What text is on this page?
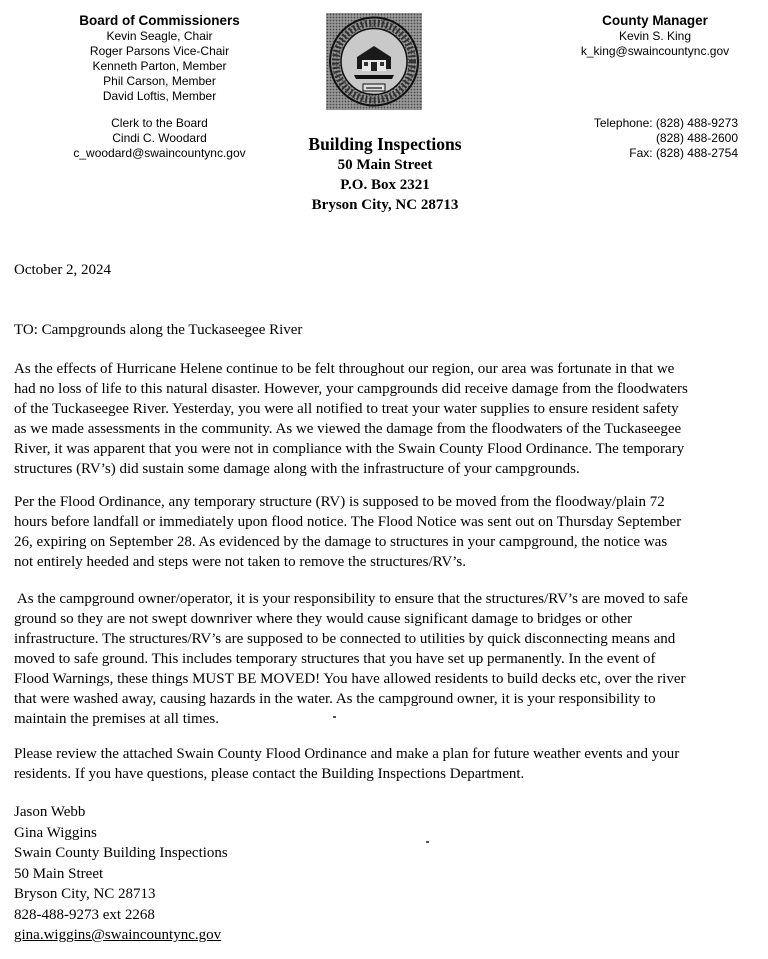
Board of Commissioners
Kevin Seagle, Chair
Roger Parsons Vice-Chair
Kenneth Parton, Member
Phil Carson, Member
David Loftis, Member
Clerk to the Board
Cindi C. Woodard
c_woodard@swaincountync.gov	Building Inspections
50 Main Street
P.O. Box 2321
Bryson City, NC 28713
County Manager
Kevin S. King
k_king@swaincountync.gov
Telephone: (828) 488-9273
(828) 488-2600
Fax: (828) 488-2754
October 2, 2024
TO: Campgrounds along the Tuckaseegee River
As the effects of Hurricane Helene continue to be felt throughout our region, our area was fortunate in that we
had no loss of life to this natural disaster. However, your campgrounds did receive damage from the floodwaters
of the Tuckaseegee River. Yesterday, you were all notified to treat your water supplies to ensure resident safety
as we made assessments in the community. As we viewed the damage from the floodwaters of the Tuckaseegee
River, it was apparent that you were not in compliance with the Swain County Flood Ordinance. The temporary
structures (RV’s) did sustain some damage along with the infrastructure of your campgrounds.
Per the Flood Ordinance, any temporary structure (RV) is supposed to be moved from the floodway/plain 72
hours before landfall or immediately upon flood notice. The Flood Notice was sent out on Thursday September
26, expiring on September 28. As evidenced by the damage to structures in your campground, the notice was
not entirely heeded and steps were not taken to remove the structures/RV’s.
As the campground owner/operator, it is your responsibility to ensure that the structures/RV’s are moved to safe
ground so they are not swept downriver where they would cause significant damage to bridges or other
infrastructure. The structures/RV’s are supposed to be connected to utilities by quick disconnecting means and
moved to safe ground. This includes temporary structures that you have set up permanently. In the event of
Flood Warnings, these things MUST BE MOVED! You have allowed residents to build decks etc, over the river
that were washed away, causing hazards in the water. As the campground owner, it is your responsibility to
maintain the premises at all times.
Please review the attached Swain County Flood Ordinance and make a plan for future weather events and your
residents. If you have questions, please contact the Building Inspections Department.
Jason Webb
Gina Wiggins
Swain County Building Inspections
50 Main Street
Bryson City, NC 28713
828-488-9273 ext 2268
gina.wiggins@swaincountync.gov
